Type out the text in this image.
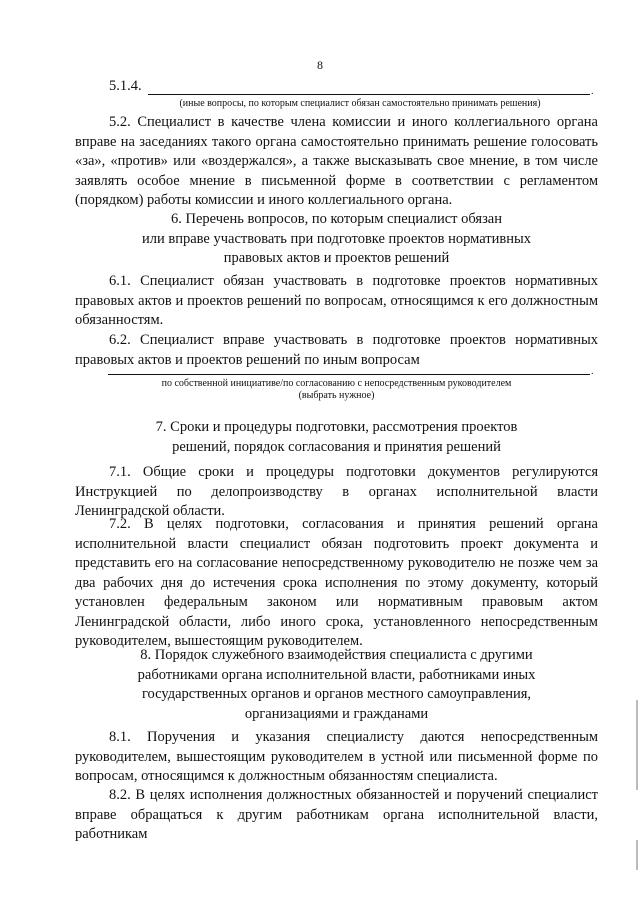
8
5.1.4.	.
(иные вопросы, по которым специалист обязан самостоятельно принимать решения)
5.2. Специалист в качестве члена комиссии и иного коллегиального органа вправе на заседаниях такого органа самостоятельно принимать решение голосовать «за», «против» или «воздержался», а также высказывать свое мнение, в том числе заявлять особое мнение в письменной форме в соответствии с регламентом (порядком) работы комиссии и иного коллегиального органа.
6. Перечень вопросов, по которым специалист обязан
или вправе участвовать при подготовке проектов нормативных
правовых актов и проектов решений
6.1. Специалист обязан участвовать в подготовке проектов нормативных правовых актов и проектов решений по вопросам, относящимся к его должностным обязанностям.
6.2. Специалист вправе участвовать в подготовке проектов нормативных правовых актов и проектов решений по иным вопросам
.
по собственной инициативе/по согласованию с непосредственным руководителем
(выбрать нужное)
7. Сроки и процедуры подготовки, рассмотрения проектов
решений, порядок согласования и принятия решений
7.1. Общие сроки и процедуры подготовки документов регулируются Инструкцией по делопроизводству в органах исполнительной власти Ленинградской области.
7.2. В целях подготовки, согласования и принятия решений органа исполнительной власти специалист обязан подготовить проект документа и представить его на согласование непосредственному руководителю не позже чем за два рабочих дня до истечения срока исполнения по этому документу, который установлен федеральным законом или нормативным правовым актом Ленинградской области, либо иного срока, установленного непосредственным руководителем, вышестоящим руководителем.
8. Порядок служебного взаимодействия специалиста с другими
работниками органа исполнительной власти, работниками иных
государственных органов и органов местного самоуправления,
организациями и гражданами
8.1. Поручения и указания специалисту даются непосредственным руководителем, вышестоящим руководителем в устной или письменной форме по вопросам, относящимся к должностным обязанностям специалиста.
8.2. В целях исполнения должностных обязанностей и поручений специалист вправе обращаться к другим работникам органа исполнительной власти, работникам
